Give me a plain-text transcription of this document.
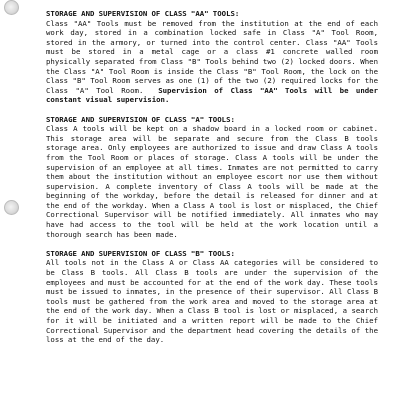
STORAGE AND SUPERVISION OF CLASS "AA" TOOLS:

Class "AA" Tools must be removed from the institution at the end of each work day, stored in a combination locked safe in Class "A" Tool Room, stored in the armory, or turned into the control center. Class "AA" Tools must be stored in a metal cage or a class #1 concrete walled room physically separated from Class "B" Tools behind two (2) locked doors. When the Class "A" Tool Room is inside the Class "B" Tool Room, the lock on the Class "B" Tool Room serves as one (1) of the two (2) required locks for the Class "A" Tool Room. Supervision of Class "AA" Tools will be under constant visual supervision.

STORAGE AND SUPERVISION OF CLASS "A" TOOLS:

Class A tools will be kept on a shadow board in a locked room or cabinet. This storage area will be separate and secure from the Class B tools storage area. Only employees are authorized to issue and draw Class A tools from the Tool Room or places of storage. Class A tools will be under the supervision of an employee at all times. Inmates are not permitted to carry them about the institution without an employee escort nor use them without supervision. A complete inventory of Class A tools will be made at the beginning of the workday, before the detail is released for dinner and at the end of the workday. When a Class A tool is lost or misplaced, the Chief Correctional Supervisor will be notified immediately. All inmates who may have had access to the tool will be held at the work location until a thorough search has been made.

STORAGE AND SUPERVISION OF CLASS "B" TOOLS:

All tools not in the Class A or Class AA categories will be considered to be Class B tools. All Class B tools are under the supervision of the employees and must be accounted for at the end of the work day. These tools must be issued to inmates, in the presence of their supervisor. All Class B tools must be gathered from the work area and moved to the storage area at the end of the work day. When a Class B tool is lost or misplaced, a search for it will be initiated and a written report will be made to the Chief Correctional Supervisor and the department head covering the details of the loss at the end of the day.
